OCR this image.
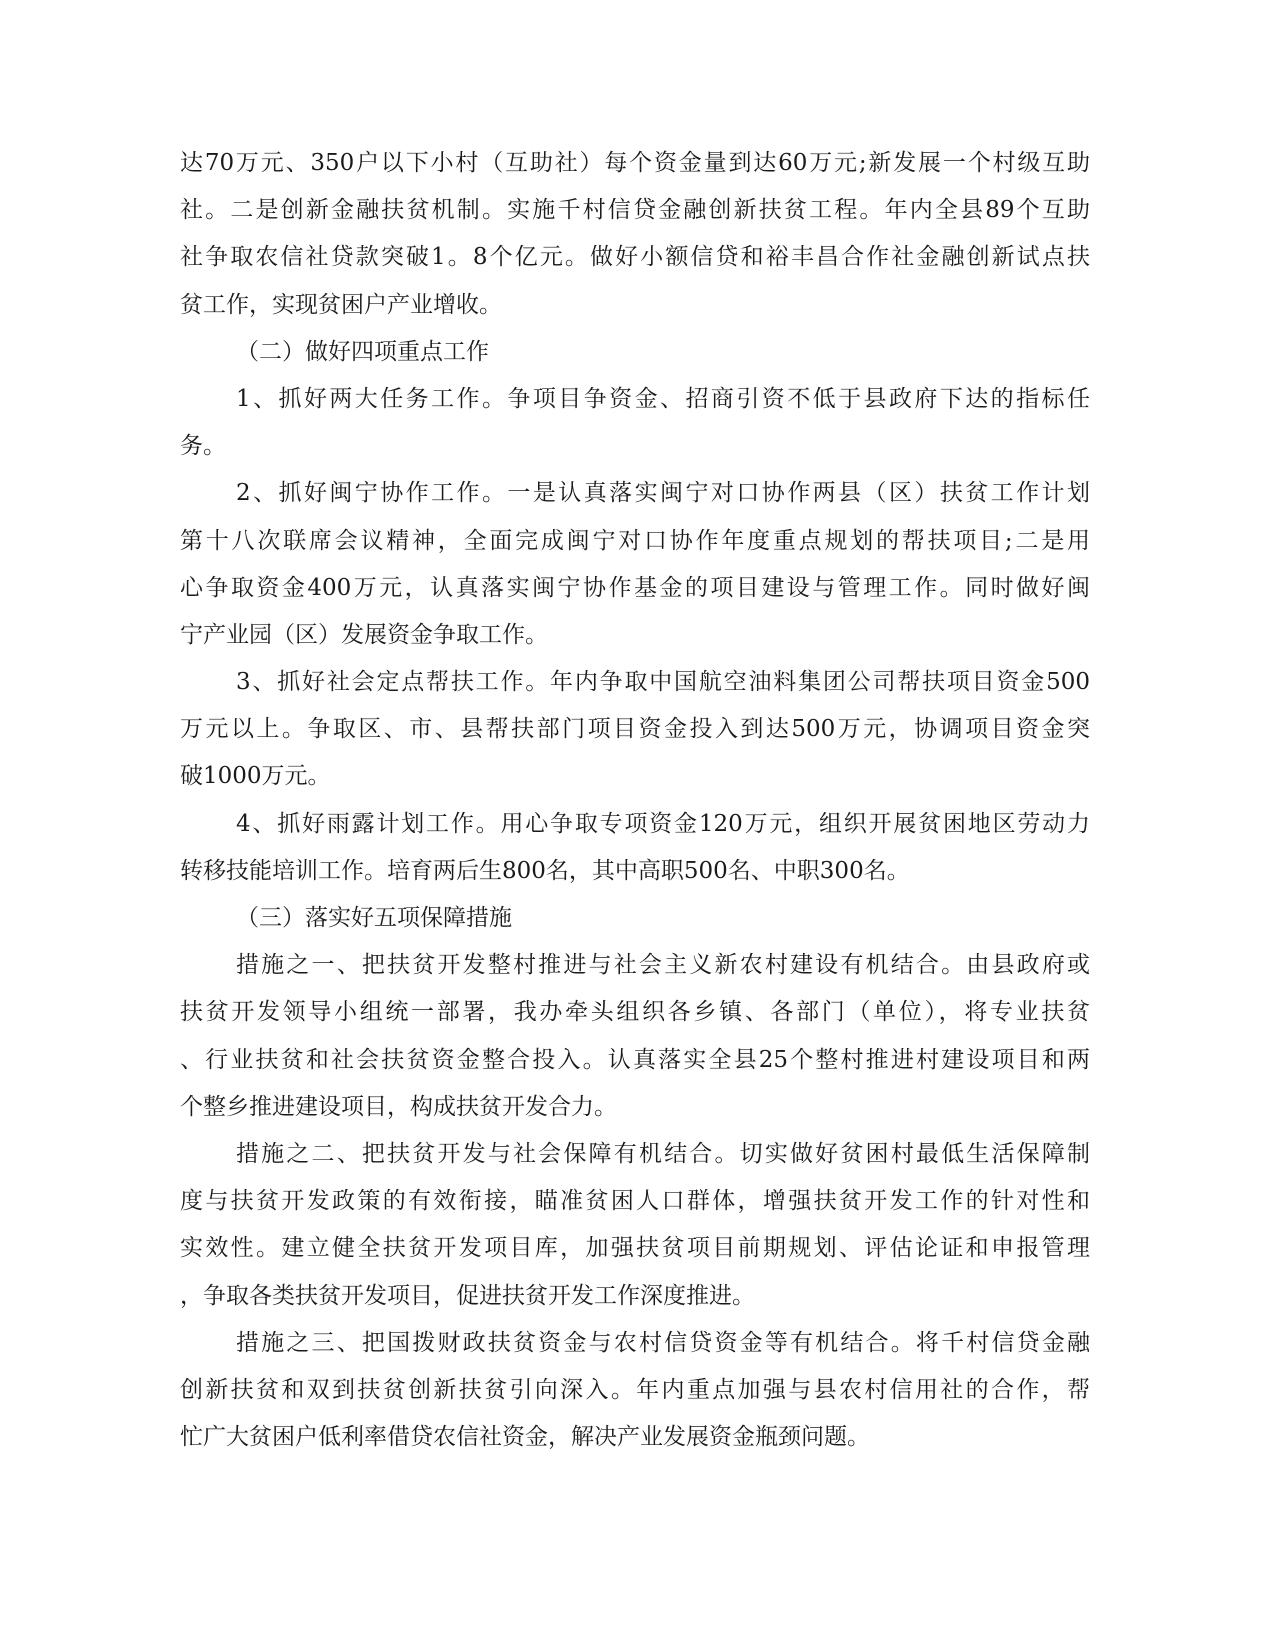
达70万元、350户以下小村（互助社）每个资金量到达60万元;新发展一个村级互助
社。二是创新金融扶贫机制。实施千村信贷金融创新扶贫工程。年内全县89个互助
社争取农信社贷款突破1。8个亿元。做好小额信贷和裕丰昌合作社金融创新试点扶
贫工作，实现贫困户产业增收。
（二）做好四项重点工作
1、抓好两大任务工作。争项目争资金、招商引资不低于县政府下达的指标任
务。
2、抓好闽宁协作工作。一是认真落实闽宁对口协作两县（区）扶贫工作计划
第十八次联席会议精神，全面完成闽宁对口协作年度重点规划的帮扶项目;二是用
心争取资金400万元，认真落实闽宁协作基金的项目建设与管理工作。同时做好闽
宁产业园（区）发展资金争取工作。
3、抓好社会定点帮扶工作。年内争取中国航空油料集团公司帮扶项目资金500
万元以上。争取区、市、县帮扶部门项目资金投入到达500万元，协调项目资金突
破1000万元。
4、抓好雨露计划工作。用心争取专项资金120万元，组织开展贫困地区劳动力
转移技能培训工作。培育两后生800名，其中高职500名、中职300名。
（三）落实好五项保障措施
措施之一、把扶贫开发整村推进与社会主义新农村建设有机结合。由县政府或
扶贫开发领导小组统一部署，我办牵头组织各乡镇、各部门（单位），将专业扶贫
、行业扶贫和社会扶贫资金整合投入。认真落实全县25个整村推进村建设项目和两
个整乡推进建设项目，构成扶贫开发合力。
措施之二、把扶贫开发与社会保障有机结合。切实做好贫困村最低生活保障制
度与扶贫开发政策的有效衔接，瞄准贫困人口群体，增强扶贫开发工作的针对性和
实效性。建立健全扶贫开发项目库，加强扶贫项目前期规划、评估论证和申报管理
，争取各类扶贫开发项目，促进扶贫开发工作深度推进。
措施之三、把国拨财政扶贫资金与农村信贷资金等有机结合。将千村信贷金融
创新扶贫和双到扶贫创新扶贫引向深入。年内重点加强与县农村信用社的合作，帮
忙广大贫困户低利率借贷农信社资金，解决产业发展资金瓶颈问题。
